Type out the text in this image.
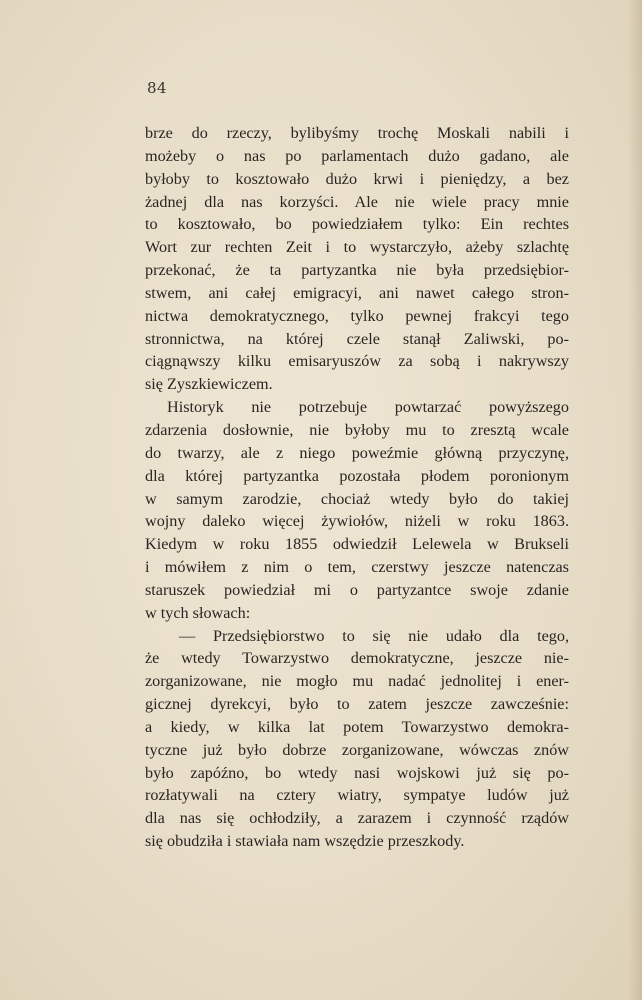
84
brze do rzeczy, bylibyśmy trochę Moskali nabili i
możeby o nas po parlamentach dużo gadano, ale
byłoby to kosztowało dużo krwi i pieniędzy, a bez
żadnej dla nas korzyści. Ale nie wiele pracy mnie
to kosztowało, bo powiedziałem tylko: Ein rechtes
Wort zur rechten Zeit i to wystarczyło, ażeby szlachtę
przekonać, że ta partyzantka nie była przedsiębior-
stwem, ani całej emigracyi, ani nawet całego stron-
nictwa demokratycznego, tylko pewnej frakcyi tego
stronnictwa, na której czele stanął Zaliwski, po-
ciągnąwszy kilku emisaryuszów za sobą i nakrywszy
się Zyszkiewiczem.
Historyk nie potrzebuje powtarzać powyższego
zdarzenia dosłownie, nie byłoby mu to zresztą wcale
do twarzy, ale z niego poweźmie główną przyczynę,
dla której partyzantka pozostała płodem poronionym
w samym zarodzie, chociaż wtedy było do takiej
wojny daleko więcej żywiołów, niżeli w roku 1863.
Kiedym w roku 1855 odwiedził Lelewela w Brukseli
i mówiłem z nim o tem, czerstwy jeszcze natenczas
staruszek powiedział mi o partyzantce swoje zdanie
w tych słowach:
— Przedsiębiorstwo to się nie udało dla tego,
że wtedy Towarzystwo demokratyczne, jeszcze nie-
zorganizowane, nie mogło mu nadać jednolitej i ener-
gicznej dyrekcyi, było to zatem jeszcze zawcześnie:
a kiedy, w kilka lat potem Towarzystwo demokra-
tyczne już było dobrze zorganizowane, wówczas znów
było zapóźno, bo wtedy nasi wojskowi już się po-
rozłatywali na cztery wiatry, sympatye ludów już
dla nas się ochłodziły, a zarazem i czynność rządów
się obudziła i stawiała nam wszędzie przeszkody.
